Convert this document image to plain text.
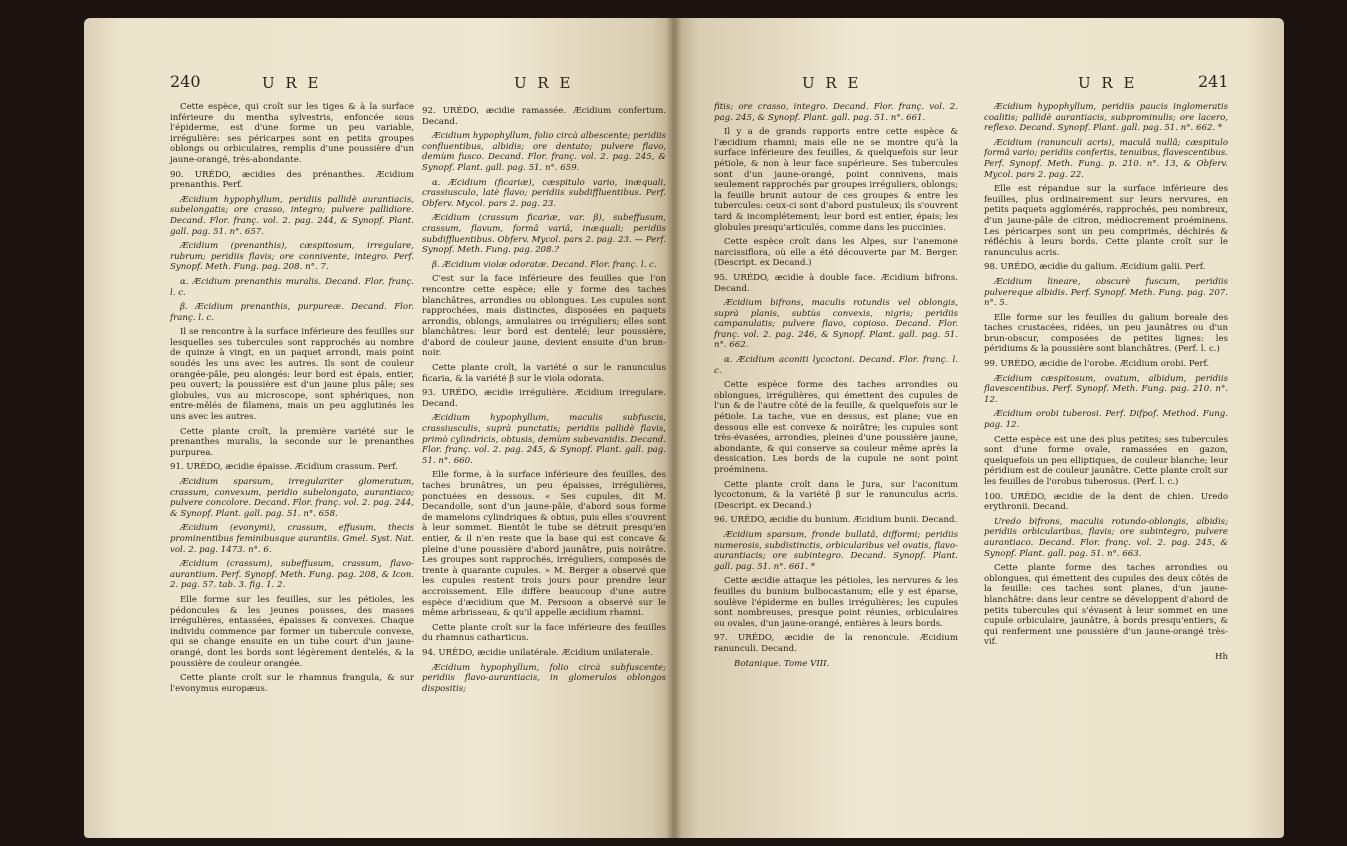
240	U R E	U R E

Cette espèce, qui croît sur les tiges & à la surface inférieure du mentha sylvestris, enfoncée sous l'épiderme, est d'une forme un peu variable, irrégulière: ses péricarpes sont en petits groupes oblongs ou orbiculaires, remplis d'une poussière d'un jaune-orangé, très-abondante.

90. URÉDO, æcidies des prénanthes. Æcidium prenanthis. Perf.

Æcidium hypophyllum, peridiis pallidè aurantiacis, subelongatis; ore crasso, integro; pulvere pallidiore. Decand. Flor. franç. vol. 2. pag. 244, & Synopf. Plant. gall. pag. 51. n°. 657.

Æcidium (prenanthis), cæspitosum, irregulare, rubrum; peridiis flavis; ore connivente, integro. Perf. Synopf. Meth. Fung. pag. 208. n°. 7.

α. Æcidium prenanthis muralis. Decand. Flor. franç. l. c.

β. Æcidium prenanthis, purpureæ. Decand. Flor. franç. l. c.

Il se rencontre à la surface inférieure des feuilles sur lesquelles ses tubercules sont rapprochés au nombre de quinze à vingt, en un paquet arrondi, mais point soudés les uns avec les autres. Ils sont de couleur orangée-pâle, peu alongés: leur bord est épais, entier, peu ouvert; la poussière est d'un jaune plus pâle; ses globules, vus au microscope, sont sphériques, non entre-mêlés de filamens, mais un peu agglutinés les uns avec les autres.

Cette plante croît, la première variété sur le prenanthes muralis, la seconde sur le prenanthes purpurea.

91. URÉDO, æcidie épaisse. Æcidium crassum. Perf.

Æcidium sparsum, irregulariter glomeratum, crassum, convexum, peridio subelongato, aurantiaco; pulvere concolore. Decand. Flor. franç. vol. 2. pag. 244, & Synopf. Plant. gall. pag. 51. n°. 658.

Æcidium (evonymi), crassum, effusum, thecis prominentibus feminibusque aurantiis. Gmel. Syst. Nat. vol. 2. pag. 1473. n°. 6.

Æcidium (crassum), subeffusum, crassum, flavo-aurantium. Perf. Synopf. Meth. Fung. pag. 208, & Icon. 2. pag. 57. tab. 3. fig. 1. 2.

Elle forme sur les feuilles, sur les pétioles, les pédoncules & les jeunes pousses, des masses irrégulières, entassées, épaisses & convexes. Chaque individu commence par former un tubercule convexe, qui se change ensuite en un tube court d'un jaune-orangé, dont les bords sont légèrement dentelés, & la poussière de couleur orangée.

Cette plante croît sur le rhamnus frangula, & sur l'evonymus europæus.

92. URÉDO, æcidie ramassée. Æcidium confertum. Decand.

Æcidium hypophyllum, folio circà albescente; peridiis confluentibus, albidis; ore dentato; pulvere flavo, demùm fusco. Decand. Flor. franç. vol. 2. pag. 245, & Synopf. Plant. gall. pag. 51. n°. 659.

α. Æcidium (ficariæ), cæspitulo vario, inæquali, crassiusculo, latè flavo; peridiis subdiffluentibus. Perf. Obferv. Mycol. pars 2. pag. 23.

Æcidium (crassum ficariæ, var. β), subeffusum, crassum, flavum, formâ variâ, inæquali; peridiis subdiffluentibus. Obferv. Mycol. pars 2. pag. 23. — Perf. Synopf. Meth. Fung. pag. 208.?

β. Æcidium violæ odoratæ. Decand. Flor. franç. l. c.

C'est sur la face inférieure des feuilles que l'on rencontre cette espèce; elle y forme des taches blanchâtres, arrondies ou oblongues. Les cupules sont rapprochées, mais distinctes, disposées en paquets arrondis, oblongs, annulaires ou irréguliers; elles sont blanchâtres: leur bord est dentelé; leur poussière, d'abord de couleur jaune, devient ensuite d'un brun-noir.

Cette plante croît, la variété α sur le ranunculus ficaria, & la variété β sur le viola odorata.

93. URÉDO, æcidie irrégulière. Æcidium irregulare. Decand.

Æcidium hypophyllum, maculis subfuscis, crassiusculis, suprà punctatis; peridiis pallidè flavis, primò cylindricis, obtusis, demùm subevanidis. Decand. Flor. franç. vol. 2. pag. 245, & Synopf. Plant. gall. pag. 51. n°. 660.

Elle forme, à la surface inférieure des feuilles, des taches brunâtres, un peu épaisses, irrégulières, ponctuées en dessous. « Ses cupules, dit M. Decandolle, sont d'un jaune-pâle, d'abord sous forme de mamelons cylindriques & obtus, puis elles s'ouvrent à leur sommet. Bientôt le tube se détruit presqu'en entier, & il n'en reste que la base qui est concave & pleine d'une poussière d'abord jaunâtre, puis noirâtre. Les groupes sont rapprochés, irréguliers, composés de trente à quarante cupules. » M. Berger a observé que les cupules restent trois jours pour prendre leur accroissement. Elle diffère beaucoup d'une autre espèce d'æcidium que M. Persoon a observé sur le même arbrisseau, & qu'il appelle æcidium rhamni.

Cette plante croît sur la face inférieure des feuilles du rhamnus catharticus.

94. URÉDO, æcidie unilatérale. Æcidium unilaterale.

Æcidium hypophyllum, folio circà subfuscente; peridiis flavo-aurantiacis, in glomerulos oblongos dispositis;

U R E	U R E	241

fitis; ore crasso, integro. Decand. Flor. franç. vol. 2. pag. 245, & Synopf. Plant. gall. pag. 51. n°. 661.

Il y a de grands rapports entre cette espèce & l'æcidium rhamni; mais elle ne se montre qu'à la surface inférieure des feuilles, & quelquefois sur leur pétiole, & non à leur face supérieure. Ses tubercules sont d'un jaune-orangé, point connivens, mais seulement rapprochés par groupes irréguliers, oblongs; la feuille brunit autour de ces groupes & entre les tubercules: ceux-ci sont d'abord pustuleux; ils s'ouvrent tard & incomplétement; leur bord est entier, épais; les globules presqu'articulés, comme dans les puccinies.

Cette espèce croît dans les Alpes, sur l'anemone narcissiflora, où elle a été découverte par M. Berger. (Descript. ex Decand.)

95. URÉDO, æcidie à double face. Æcidium bifrons. Decand.

Æcidium bifrons, maculis rotundis vel oblongis, suprà planis, subtùs convexis, nigris; peridiis campanulatis; pulvere flavo, copioso. Decand. Flor. franç. vol. 2. pag. 246, & Synopf. Plant. gall. pag. 51. n°. 662.

α. Æcidium aconiti lycoctoni. Decand. Flor. franç. l. c.

Cette espèce forme des taches arrondies ou oblongues, irrégulières, qui émettent des cupules de l'un & de l'autre côté de la feuille, & quelquefois sur le pétiole. La tache, vue en dessus, est plane; vue en dessous elle est convexe & noirâtre; les cupules sont très-évasées, arrondies, pleines d'une poussière jaune, abondante, & qui conserve sa couleur même après la dessication. Les bords de la cupule ne sont point proéminens.

Cette plante croît dans le Jura, sur l'aconitum lycoctonum, & la variété β sur le ranunculus acris. (Descript. ex Decand.)

96. URÉDO, æcidie du bunium. Æcidium bunii. Decand.

Æcidium sparsum, fronde bullatâ, difformi; peridiis numerosis, subdistinctis, orbicularibus vel ovatis, flavo-aurantiacis; ore subintegro. Decand. Synopf. Plant. gall. pag. 51. n°. 661. *

Cette æcidie attaque les pétioles, les nervures & les feuilles du bunium bulbocastanum; elle y est éparse, soulève l'épiderme en bulles irrégulières; les cupules sont nombreuses, presque point réunies, orbiculaires ou ovales, d'un jaune-orangé, entières à leurs bords.

97. URÉDO, æcidie de la renoncule. Æcidium ranunculi. Decand.

Botanique. Tome VIII.

Æcidium hypophyllum, peridiis paucis inglomeratis coalitis; pallidè aurantiacis, subprominulis; ore lacero, reflexo. Decand. Synopf. Plant. gall. pag. 51. n°. 662. *

Æcidium (ranunculi acris), maculâ nullâ; cæspitulo formâ vario; peridiis confertis, tenuibus, flavescentibus. Perf. Synopf. Meth. Fung. p. 210. n°. 13, & Obferv. Mycol. pars 2. pag. 22.

Elle est répandue sur la surface inférieure des feuilles, plus ordinairement sur leurs nervures, en petits paquets agglomérés, rapprochés, peu nombreux, d'un jaune-pâle de citron, médiocrement proéminens. Les péricarpes sont un peu comprimés, déchirés & réfléchis à leurs bords. Cette plante croît sur le ranunculus acris.

98. URÉDO, æcidie du galium. Æcidium galii. Perf.

Æcidium lineare, obscurè fuscum, peridiis pulvereque albidis. Perf. Synopf. Meth. Fung. pag. 207. n°. 5.

Elle forme sur les feuilles du galium boreale des taches crustacées, ridées, un peu jaunâtres ou d'un brun-obscur, composées de petites lignes: les péridiums & la poussière sont blanchâtres. (Perf. l. c.)

99. URÉDO, æcidie de l'orobe. Æcidium orobi. Perf.

Æcidium cæspitosum, ovatum, albidum, peridiis flavescentibus. Perf. Synopf. Meth. Fung. pag. 210. n°. 12.

Æcidium orobi tuberosi. Perf. Difpof. Method. Fung. pag. 12.

Cette espèce est une des plus petites; ses tubercules sont d'une forme ovale, ramassées en gazon, quelquefois un peu elliptiques, de couleur blanche; leur péridium est de couleur jaunâtre. Cette plante croît sur les feuilles de l'orobus tuberosus. (Perf. l. c.)

100. URÉDO, æcidie de la dent de chien. Uredo erythronii. Decand.

Uredo bifrons, maculis rotundo-oblongis, albidis; peridiis orbicularibus, flavis; ore subintegro, pulvere aurantiaco. Decand. Flor. franç. vol. 2. pag. 245, & Synopf. Plant. gall. pag. 51. n°. 663.

Cette plante forme des taches arrondies ou oblongues, qui émettent des cupules des deux côtés de la feuille: ces taches sont planes, d'un jaune-blanchâtre: dans leur centre se développent d'abord de petits tubercules qui s'évasent à leur sommet en une cupule orbiculaire, jaunâtre, à bords presqu'entiers, & qui renferment une poussière d'un jaune-orangé très-vif.

Hh
